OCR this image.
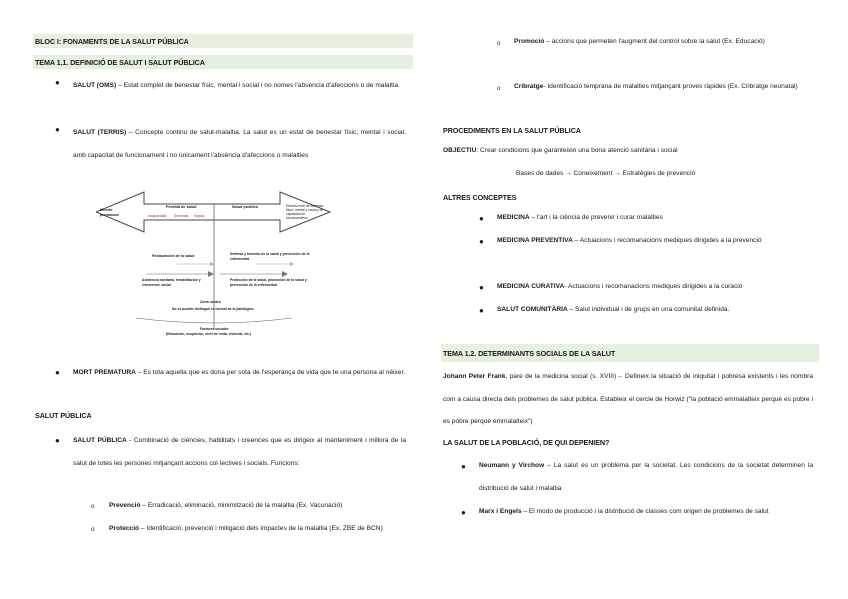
BLOC I: FONAMENTS DE LA SALUT PÚBLICA
TEMA 1.1. DEFINICIÓ DE SALUT I SALUT PÚBLICA
● SALUT (OMS) – Estat complet de benestar físic, mental i social i no nomes l'absència d'afeccions o de malaltia.
● SALUT (TERRIS) – Concepte continu de salut-malaltia. La salut es un estat de benestar físic, mental i social, amb capacitat de funcionament i no únicament l'absència d'afeccions o malalties
Muerte prematura
Pérdida de salud
Incapacidad Síntomas Signos
Salud positiva	Elevado nivel de bienestar físico, mental y social y de capacidad de funcionamiento
Restauración de la salud
Asistencia sanitaria, rehabilitación y reinserción social
Defensa y fomento de la salud y prevención de la enfermedad
Protección de la salud, promoción de la salud y prevención de la enfermedad
Zona neutra
No es posible distinguir lo normal de lo patológico
Factores sociales
(Educación, ocupación, nivel de renta, vivienda, etc.)
● MORT PREMATURA – Es tota aquella que es dona per sota de l'esperança de vida que te una persona al néixer.
SALUT PÚBLICA
● SALUT PÚBLICA - Combinació de ciències, habilitats i creences que es dirigeix al manteniment i millora de la salut de totes les persones mitjançant accions col·lectives i socials. Funcions:
o Prevenció – Erradicació, eliminació, minimització de la malaltia (Ex. Vacunació)
o Protecció – Identificació, prevenció i mitigació dels impactes de la malaltia (Ex. ZBE de BCN)
o Promoció – accions que permeten l'augment del control sobre la salut (Ex. Educació)
o Cribratge- Identificació temprana de malalties mitjançant proves ràpides (Ex. Cribratge neonatal)
PROCEDIMENTS EN LA SALUT PÚBLICA
OBJECTIU: Crear condicions que garanteixin una bona atenció sanitària i social
Bases de dades → Coneixement → Estratègies de prevenció
ALTRES CONCEPTES
● MEDICINA – l'art i la ciència de prevenir i curar malalties
● MEDICINA PREVENTIVA – Actuacions i recomanacions mediques dirigides a la prevenció
● MEDICINA CURATIVA- Actuacions i recomanacions mediques dirigides a la curació
● SALUT COMUNITÀRIA – Salut individual i de grups en una comunitat definida.
TEMA 1.2. DETERMINANTS SOCIALS DE LA SALUT
Johann Peter Frank, pare de la medicina social (s. XVIII)→ Defineix la situació de iniquitat i pobresa existents i les nombra com a causa directa dels problemes de salut pública. Estableix el cercle de Horwiz ("la població emmalalteix perquè es pobre i es pobre perquè emmalalteix")
LA SALUT DE LA POBLACIÓ, DE QUI DEPENIEN?
● Neumann y Virchow – La salut es un problema per la societat. Les condicions de la societat determinen la distribució de salut i malaltia
● Marx i Engels – El modo de producció i la distribució de classes com origen de problemes de salut
